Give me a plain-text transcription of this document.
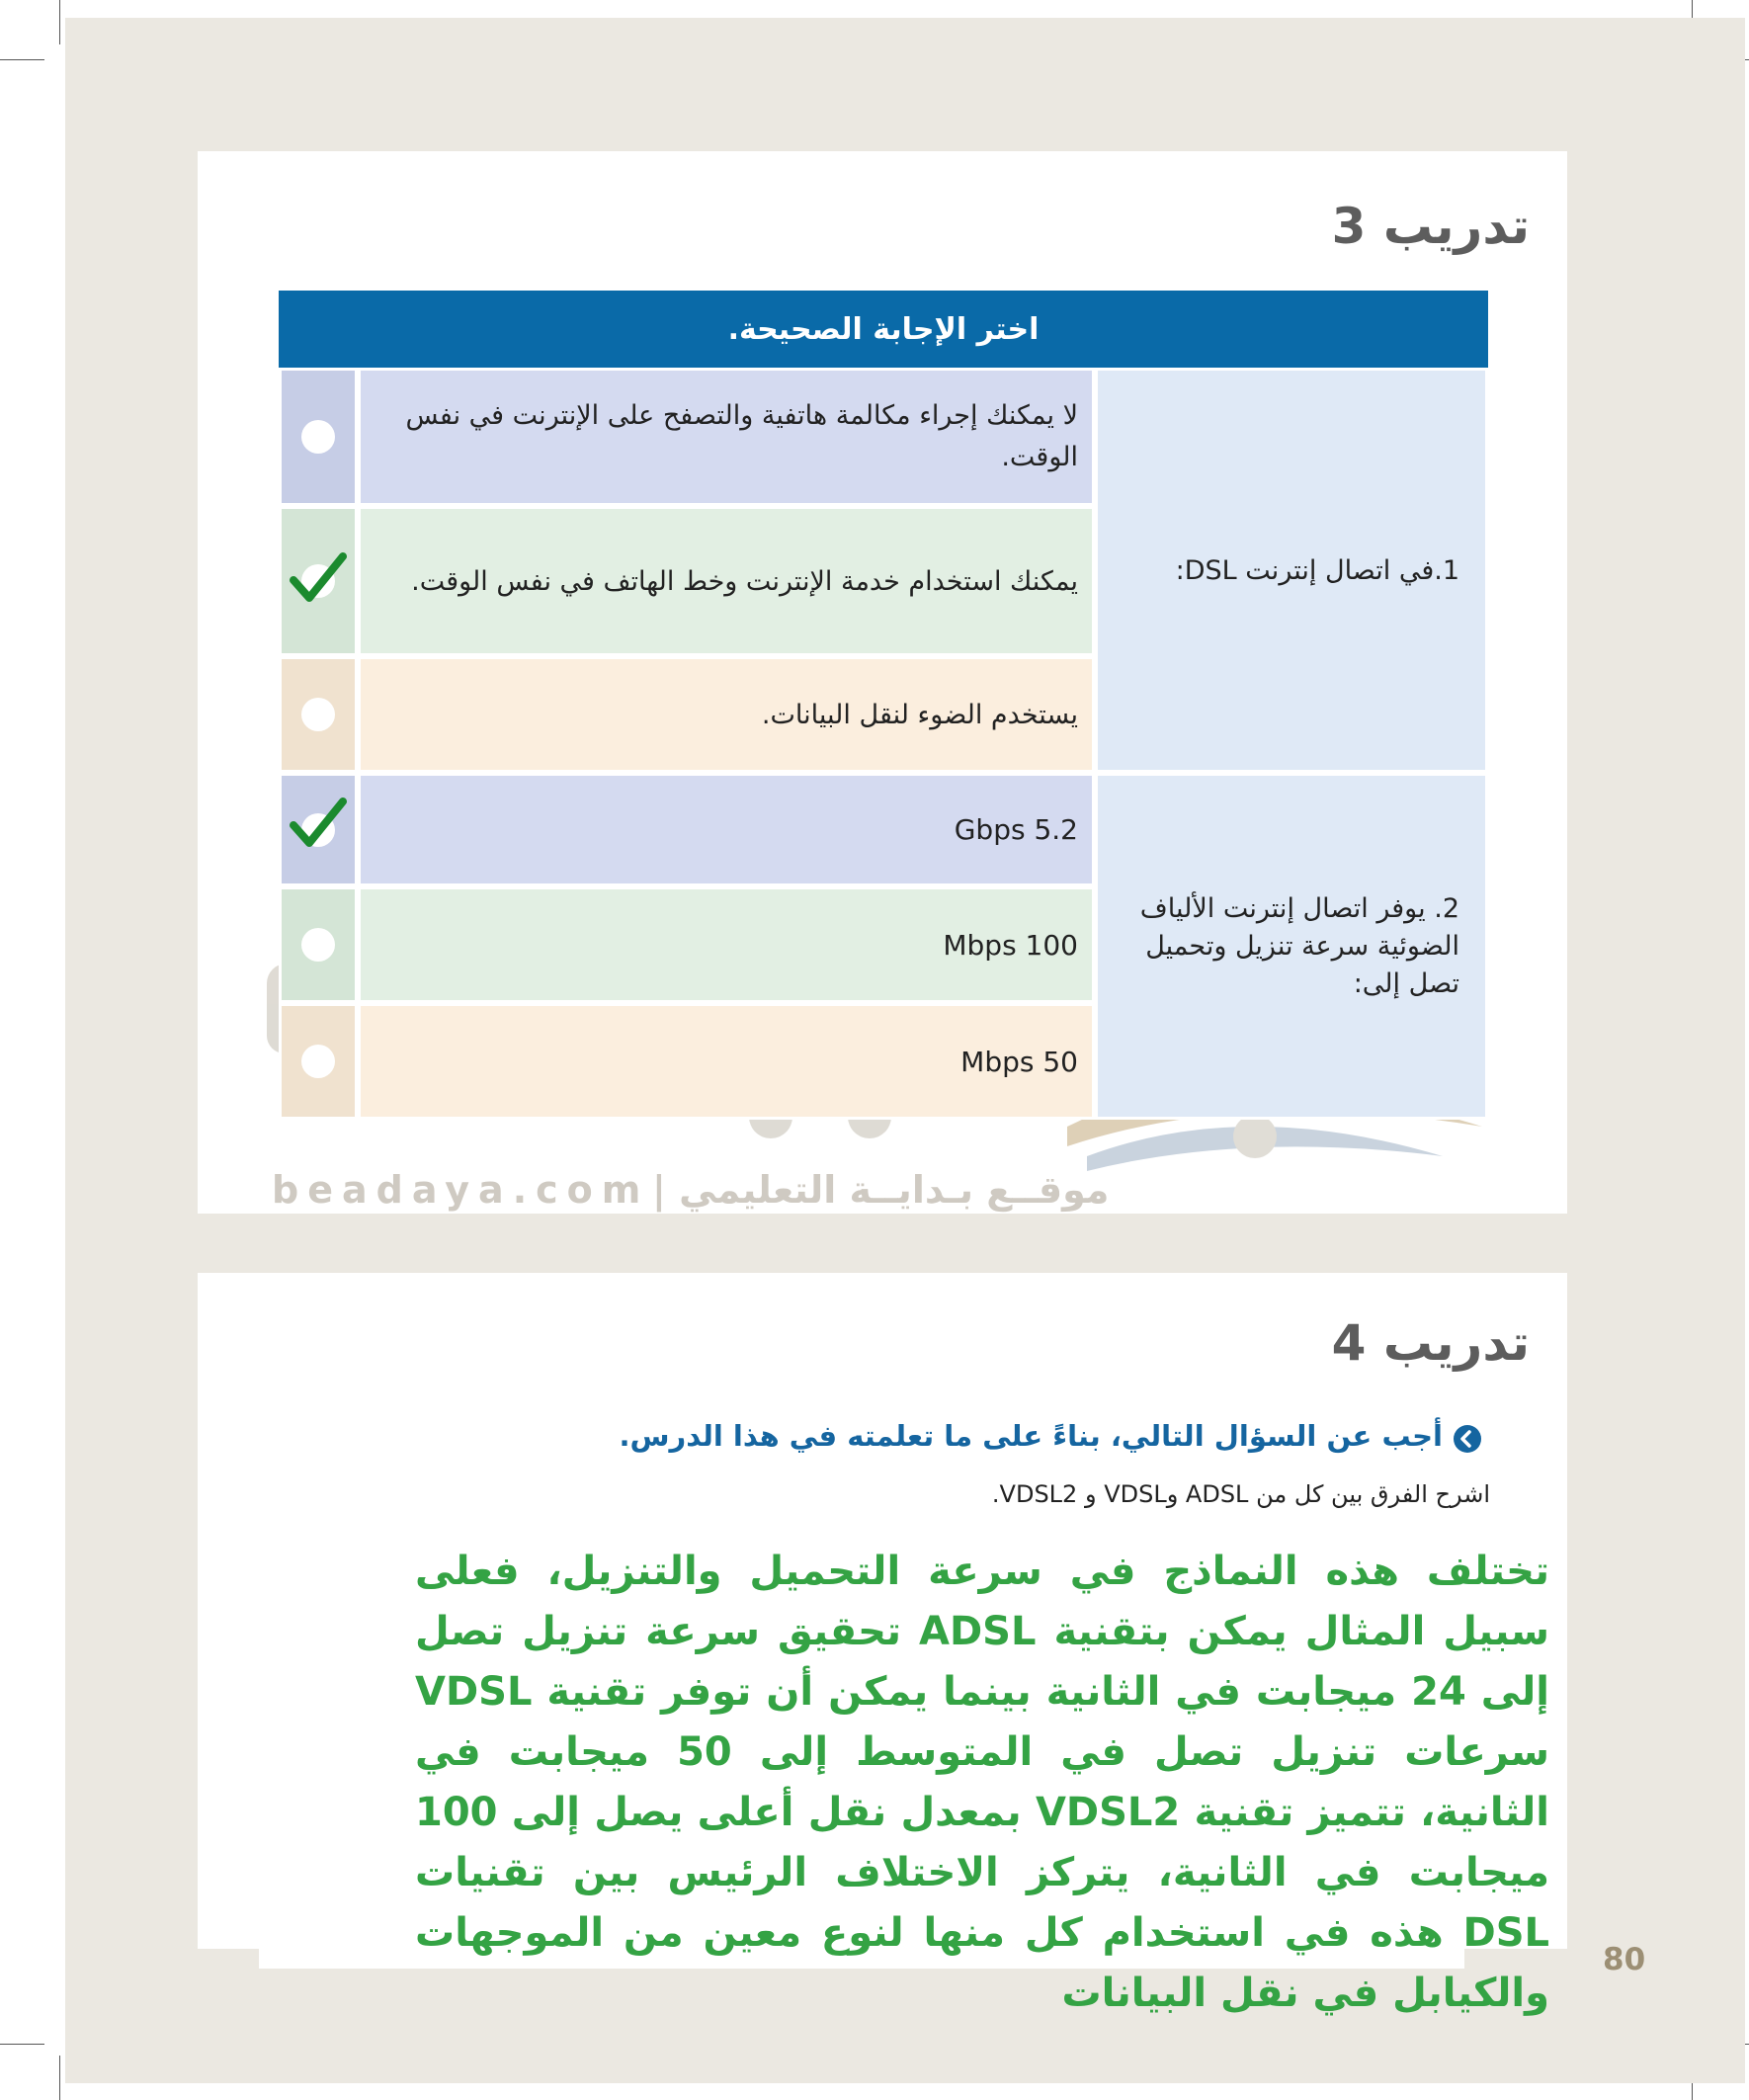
تدريب 3
اختر الإجابة الصحيحة.		
1.في اتصال إنترنت DSL:	لا يمكنك إجراء مكالمة هاتفية والتصفح على الإنترنت في نفس الوقت.	
	يمكنك استخدام خدمة الإنترنت وخط الهاتف في نفس الوقت.	

	يستخدم الضوء لنقل البيانات.	
2. يوفر اتصال إنترنت الألياف الضوئية سرعة تنزيل وتحميل تصل إلى:	Gbps 5.2	

	Mbps 100	
	Mbps 50	
beadaya.com موقــع بـدايــة التعليمي |
تدريب 4
أجب عن السؤال التالي، بناءً على ما تعلمته في هذا الدرس.
اشرح الفرق بين كل من ADSL وVDSL و VDSL2.
تختلف هذه النماذج في سرعة التحميل والتنزيل، فعلى سبيل المثال يمكن بتقنية ADSL تحقيق سرعة تنزيل تصل إلى 24 ميجابت في الثانية بينما يمكن أن توفر تقنية VDSL سرعات تنزيل تصل في المتوسط إلى 50 ميجابت في الثانية، تتميز تقنية VDSL2 بمعدل نقل أعلى يصل إلى 100 ميجابت في الثانية، يتركز الاختلاف الرئيس بين تقنيات DSL هذه في استخدام كل منها لنوع معين من الموجهات والكيابل في نقل البيانات
80
